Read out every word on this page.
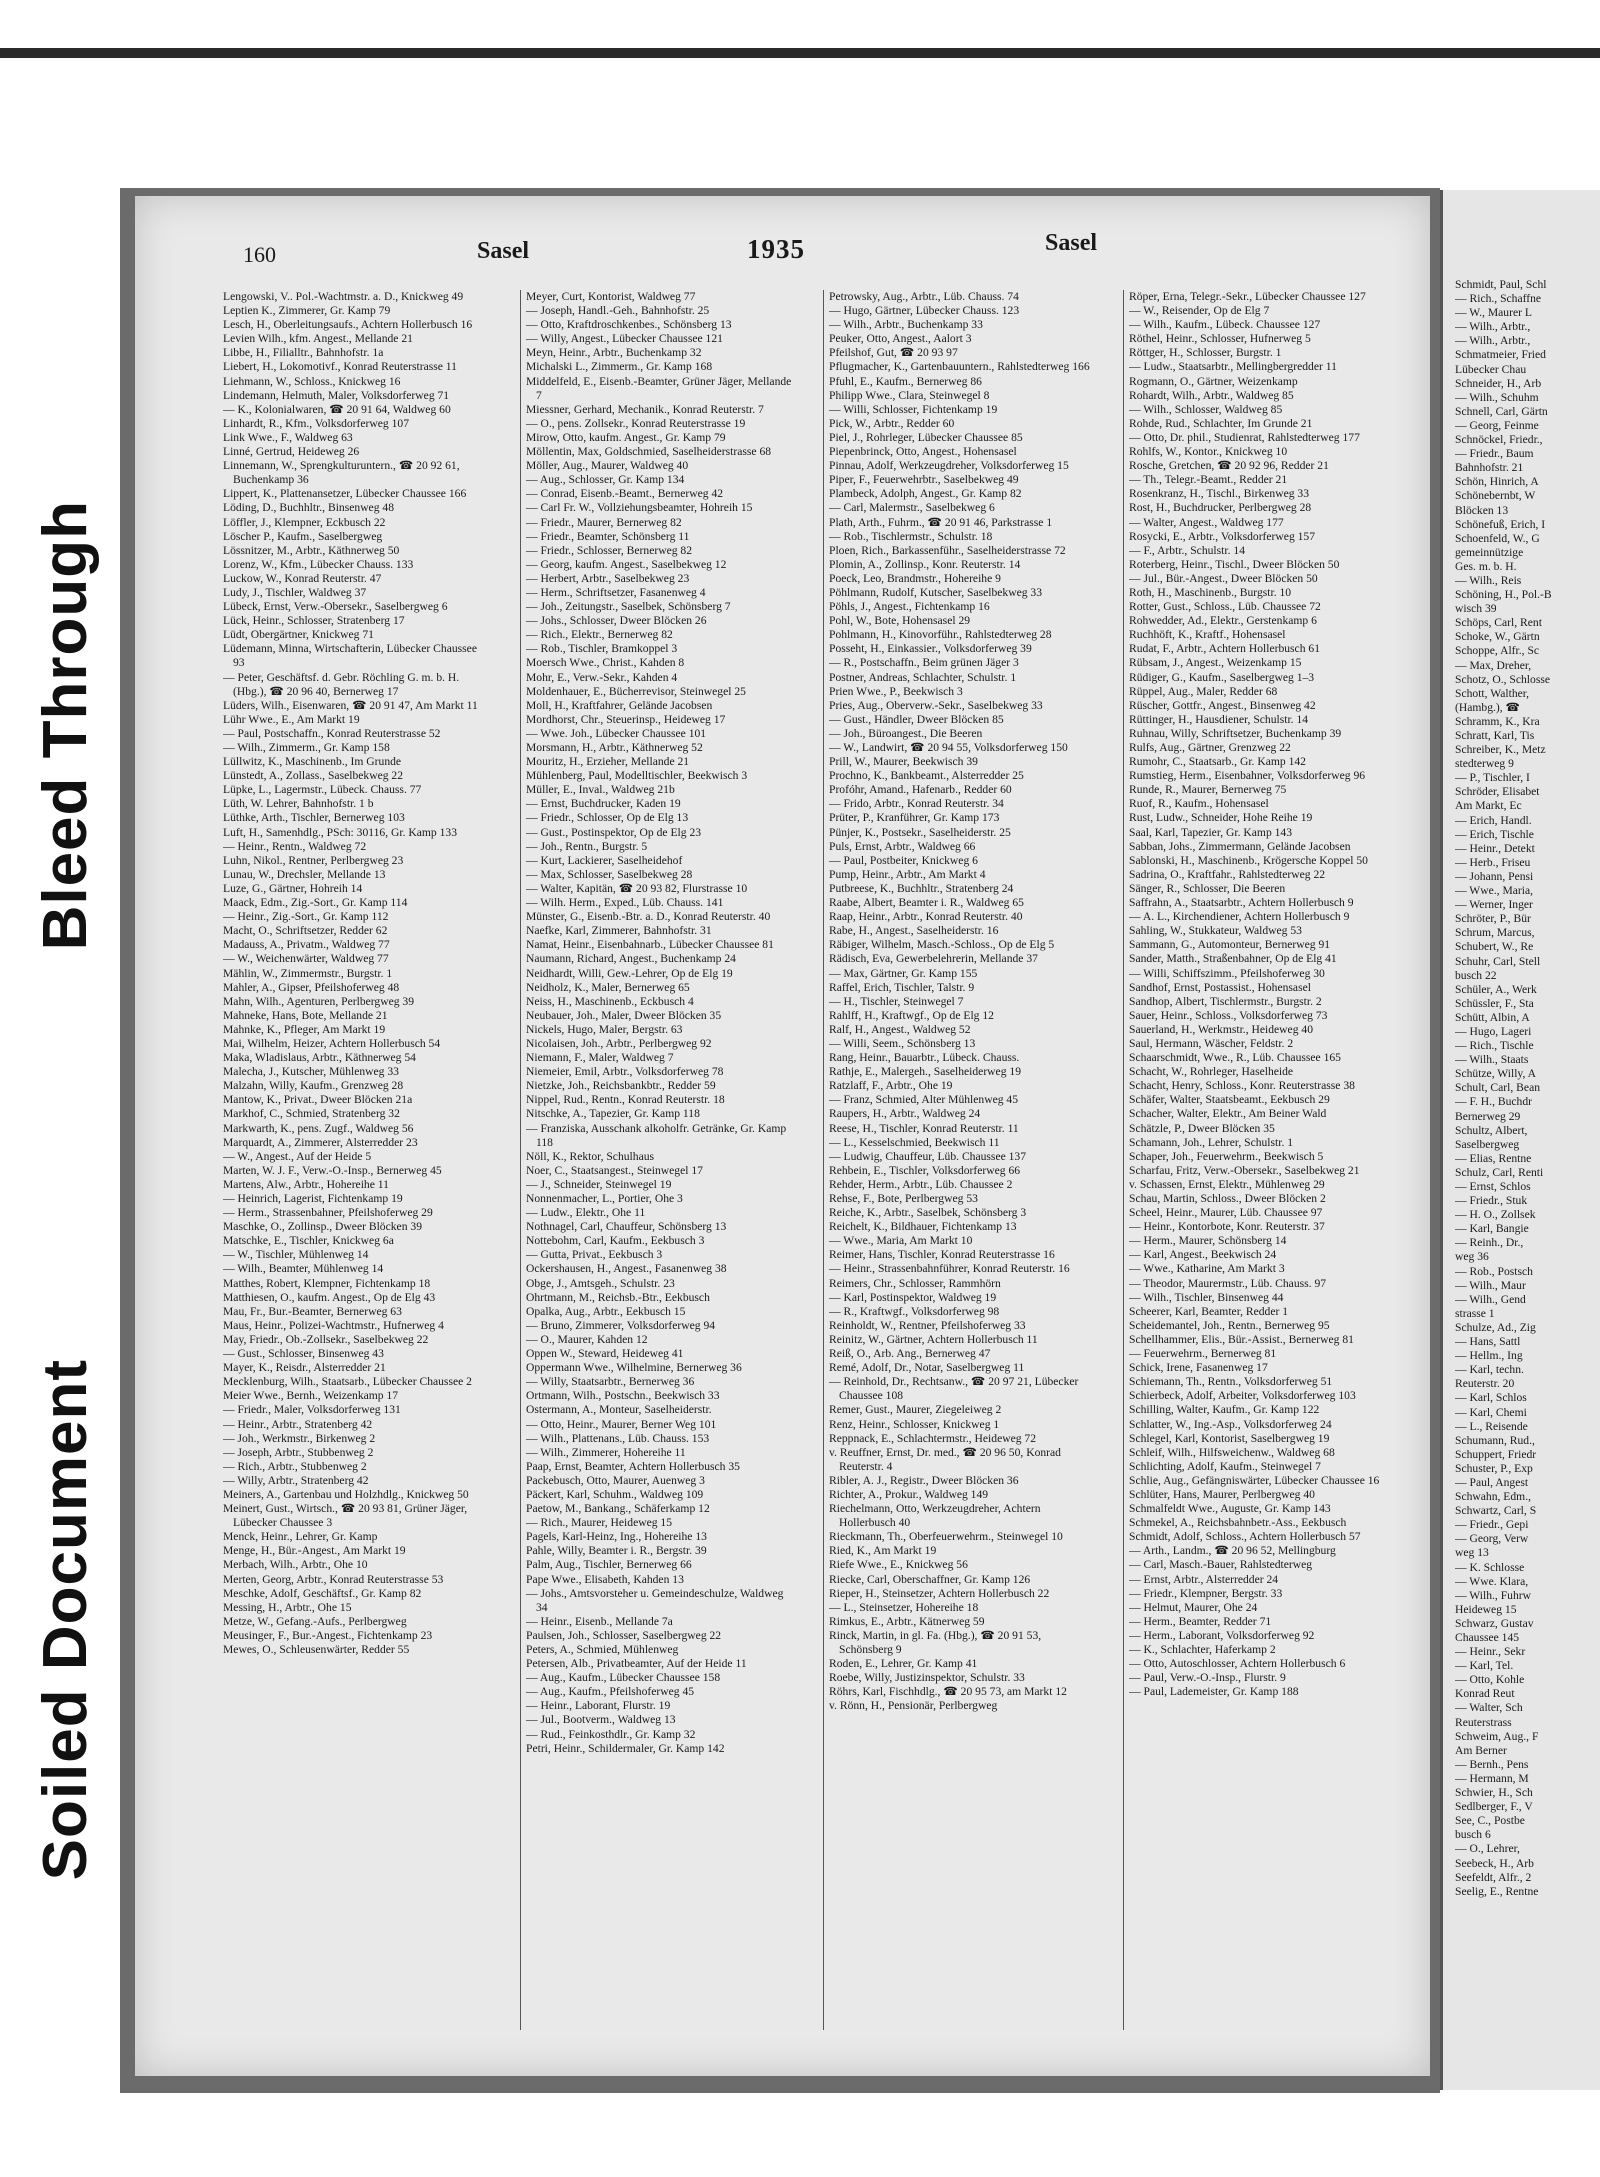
Bleed Through
Soiled Document
160	Sasel	1935	Sasel
Lengowski, V.. Pol.-Wachtmstr. a. D., Knickweg 49
Leptien K., Zimmerer, Gr. Kamp 79
Lesch, H., Oberleitungsaufs., Achtern Hollerbusch 16
Levien Wilh., kfm. Angest., Mellande 21
Libbe, H., Filialltr., Bahnhofstr. 1a
Liebert, H., Lokomotivf., Konrad Reuterstrasse 11
Liehmann, W., Schloss., Knickweg 16
Lindemann, Helmuth, Maler, Volksdorferweg 71
— K., Kolonialwaren, ☎ 20 91 64, Waldweg 60
Linhardt, R., Kfm., Volksdorferweg 107
Link Wwe., F., Waldweg 63
Linné, Gertrud, Heideweg 26
Linnemann, W., Sprengkulturuntern., ☎ 20 92 61, Buchenkamp 36
Lippert, K., Plattenansetzer, Lübecker Chaussee 166
Löding, D., Buchhltr., Binsenweg 48
Löffler, J., Klempner, Eckbusch 22
Löscher P., Kaufm., Saselbergweg
Lössnitzer, M., Arbtr., Käthnerweg 50
Lorenz, W., Kfm., Lübecker Chauss. 133
Luckow, W., Konrad Reuterstr. 47
Ludy, J., Tischler, Waldweg 37
Lübeck, Ernst, Verw.-Obersekr., Saselbergweg 6
Lück, Heinr., Schlosser, Stratenberg 17
Lüdt, Obergärtner, Knickweg 71
Lüdemann, Minna, Wirtschafterin, Lübecker Chaussee 93
— Peter, Geschäftsf. d. Gebr. Röchling G. m. b. H. (Hbg.), ☎ 20 96 40, Bernerweg 17
Lüders, Wilh., Eisenwaren, ☎ 20 91 47, Am Markt 11
Lühr Wwe., E., Am Markt 19
— Paul, Postschaffn., Konrad Reuterstrasse 52
— Wilh., Zimmerm., Gr. Kamp 158
Lüllwitz, K., Maschinenb., Im Grunde
Lünstedt, A., Zollass., Saselbekweg 22
Lüpke, L., Lagermstr., Lübeck. Chauss. 77
Lüth, W. Lehrer, Bahnhofstr. 1 b
Lüthke, Arth., Tischler, Bernerweg 103
Luft, H., Samenhdlg., PSch: 30116, Gr. Kamp 133
— Heinr., Rentn., Waldweg 72
Luhn, Nikol., Rentner, Perlbergweg 23
Lunau, W., Drechsler, Mellande 13
Luze, G., Gärtner, Hohreih 14
Maack, Edm., Zig.-Sort., Gr. Kamp 114
— Heinr., Zig.-Sort., Gr. Kamp 112
Macht, O., Schriftsetzer, Redder 62
Madauss, A., Privatm., Waldweg 77
— W., Weichenwärter, Waldweg 77
Mählin, W., Zimmermstr., Burgstr. 1
Mahler, A., Gipser, Pfeilshoferweg 48
Mahn, Wilh., Agenturen, Perlbergweg 39
Mahneke, Hans, Bote, Mellande 21
Mahnke, K., Pfleger, Am Markt 19
Mai, Wilhelm, Heizer, Achtern Hollerbusch 54
Maka, Wladislaus, Arbtr., Käthnerweg 54
Malecha, J., Kutscher, Mühlenweg 33
Malzahn, Willy, Kaufm., Grenzweg 28
Mantow, K., Privat., Dweer Blöcken 21a
Markhof, C., Schmied, Stratenberg 32
Markwarth, K., pens. Zugf., Waldweg 56
Marquardt, A., Zimmerer, Alsterredder 23
— W., Angest., Auf der Heide 5
Marten, W. J. F., Verw.-O.-Insp., Bernerweg 45
Martens, Alw., Arbtr., Hohereihe 11
— Heinrich, Lagerist, Fichtenkamp 19
— Herm., Strassenbahner, Pfeilshoferweg 29
Maschke, O., Zollinsp., Dweer Blöcken 39
Matschke, E., Tischler, Knickweg 6a
— W., Tischler, Mühlenweg 14
— Wilh., Beamter, Mühlenweg 14
Matthes, Robert, Klempner, Fichtenkamp 18
Matthiesen, O., kaufm. Angest., Op de Elg 43
Mau, Fr., Bur.-Beamter, Bernerweg 63
Maus, Heinr., Polizei-Wachtmstr., Hufnerweg 4
May, Friedr., Ob.-Zollsekr., Saselbekweg 22
— Gust., Schlosser, Binsenweg 43
Mayer, K., Reisdr., Alsterredder 21
Mecklenburg, Wilh., Staatsarb., Lübecker Chaussee 2
Meier Wwe., Bernh., Weizenkamp 17
— Friedr., Maler, Volksdorferweg 131
— Heinr., Arbtr., Stratenberg 42
— Joh., Werkmstr., Birkenweg 2
— Joseph, Arbtr., Stubbenweg 2
— Rich., Arbtr., Stubbenweg 2
— Willy, Arbtr., Stratenberg 42
Meiners, A., Gartenbau und Holzhdlg., Knickweg 50
Meinert, Gust., Wirtsch., ☎ 20 93 81, Grüner Jäger, Lübecker Chaussee 3
Menck, Heinr., Lehrer, Gr. Kamp
Menge, H., Bür.-Angest., Am Markt 19
Merbach, Wilh., Arbtr., Ohe 10
Merten, Georg, Arbtr., Konrad Reuterstrasse 53
Meschke, Adolf, Geschäftsf., Gr. Kamp 82
Messing, H., Arbtr., Ohe 15
Metze, W., Gefang.-Aufs., Perlbergweg
Meusinger, F., Bur.-Angest., Fichtenkamp 23
Mewes, O., Schleusenwärter, Redder 55
Meyer, Curt, Kontorist, Waldweg 77
— Joseph, Handl.-Geh., Bahnhofstr. 25
— Otto, Kraftdroschkenbes., Schönsberg 13
— Willy, Angest., Lübecker Chaussee 121
Meyn, Heinr., Arbtr., Buchenkamp 32
Michalski L., Zimmerm., Gr. Kamp 168
Middelfeld, E., Eisenb.-Beamter, Grüner Jäger, Mellande 7
Miessner, Gerhard, Mechanik., Konrad Reuterstr. 7
— O., pens. Zollsekr., Konrad Reuterstrasse 19
Mirow, Otto, kaufm. Angest., Gr. Kamp 79
Möllentin, Max, Goldschmied, Saselheiderstrasse 68
Möller, Aug., Maurer, Waldweg 40
— Aug., Schlosser, Gr. Kamp 134
— Conrad, Eisenb.-Beamt., Bernerweg 42
— Carl Fr. W., Vollziehungsbeamter, Hohreih 15
— Friedr., Maurer, Bernerweg 82
— Friedr., Beamter, Schönsberg 11
— Friedr., Schlosser, Bernerweg 82
— Georg, kaufm. Angest., Saselbekweg 12
— Herbert, Arbtr., Saselbekweg 23
— Herm., Schriftsetzer, Fasanenweg 4
— Joh., Zeitungstr., Saselbek, Schönsberg 7
— Johs., Schlosser, Dweer Blöcken 26
— Rich., Elektr., Bernerweg 82
— Rob., Tischler, Bramkoppel 3
Moersch Wwe., Christ., Kahden 8
Mohr, E., Verw.-Sekr., Kahden 4
Moldenhauer, E., Bücherrevisor, Steinwegel 25
Moll, H., Kraftfahrer, Gelände Jacobsen
Mordhorst, Chr., Steuerinsp., Heideweg 17
— Wwe. Joh., Lübecker Chaussee 101
Morsmann, H., Arbtr., Käthnerweg 52
Mouritz, H., Erzieher, Mellande 21
Mühlenberg, Paul, Modelltischler, Beekwisch 3
Müller, E., Inval., Waldweg 21b
— Ernst, Buchdrucker, Kaden 19
— Friedr., Schlosser, Op de Elg 13
— Gust., Postinspektor, Op de Elg 23
— Joh., Rentn., Burgstr. 5
— Kurt, Lackierer, Saselheidehof
— Max, Schlosser, Saselbekweg 28
— Walter, Kapitän, ☎ 20 93 82, Flurstrasse 10
— Wilh. Herm., Exped., Lüb. Chauss. 141
Münster, G., Eisenb.-Btr. a. D., Konrad Reuterstr. 40
Naefke, Karl, Zimmerer, Bahnhofstr. 31
Namat, Heinr., Eisenbahnarb., Lübecker Chaussee 81
Naumann, Richard, Angest., Buchenkamp 24
Neidhardt, Willi, Gew.-Lehrer, Op de Elg 19
Neidholz, K., Maler, Bernerweg 65
Neiss, H., Maschinenb., Eckbusch 4
Neubauer, Joh., Maler, Dweer Blöcken 35
Nickels, Hugo, Maler, Bergstr. 63
Nicolaisen, Joh., Arbtr., Perlbergweg 92
Niemann, F., Maler, Waldweg 7
Niemeier, Emil, Arbtr., Volksdorferweg 78
Nietzke, Joh., Reichsbankbtr., Redder 59
Nippel, Rud., Rentn., Konrad Reuterstr. 18
Nitschke, A., Tapezier, Gr. Kamp 118
— Franziska, Ausschank alkoholfr. Getränke, Gr. Kamp 118
Nöll, K., Rektor, Schulhaus
Noer, C., Staatsangest., Steinwegel 17
— J., Schneider, Steinwegel 19
Nonnenmacher, L., Portier, Ohe 3
— Ludw., Elektr., Ohe 11
Nothnagel, Carl, Chauffeur, Schönsberg 13
Nottebohm, Carl, Kaufm., Eekbusch 3
— Gutta, Privat., Eekbusch 3
Ockershausen, H., Angest., Fasanenweg 38
Obge, J., Amtsgeh., Schulstr. 23
Ohrtmann, M., Reichsb.-Btr., Eekbusch
Opalka, Aug., Arbtr., Eekbusch 15
— Bruno, Zimmerer, Volksdorferweg 94
— O., Maurer, Kahden 12
Oppen W., Steward, Heideweg 41
Oppermann Wwe., Wilhelmine, Bernerweg 36
— Willy, Staatsarbtr., Bernerweg 36
Ortmann, Wilh., Postschn., Beekwisch 33
Ostermann, A., Monteur, Saselheiderstr.
— Otto, Heinr., Maurer, Berner Weg 101
— Wilh., Plattenans., Lüb. Chauss. 153
— Wilh., Zimmerer, Hohereihe 11
Paap, Ernst, Beamter, Achtern Hollerbusch 35
Packebusch, Otto, Maurer, Auenweg 3
Päckert, Karl, Schuhm., Waldweg 109
Paetow, M., Bankang., Schäferkamp 12
— Rich., Maurer, Heideweg 15
Pagels, Karl-Heinz, Ing., Hohereihe 13
Pahle, Willy, Beamter i. R., Bergstr. 39
Palm, Aug., Tischler, Bernerweg 66
Pape Wwe., Elisabeth, Kahden 13
— Johs., Amtsvorsteher u. Gemeindeschulze, Waldweg 34
— Heinr., Eisenb., Mellande 7a
Paulsen, Joh., Schlosser, Saselbergweg 22
Peters, A., Schmied, Mühlenweg
Petersen, Alb., Privatbeamter, Auf der Heide 11
— Aug., Kaufm., Lübecker Chaussee 158
— Aug., Kaufm., Pfeilshoferweg 45
— Heinr., Laborant, Flurstr. 19
— Jul., Bootverm., Waldweg 13
— Rud., Feinkosthdlr., Gr. Kamp 32
Petri, Heinr., Schildermaler, Gr. Kamp 142
Petrowsky, Aug., Arbtr., Lüb. Chauss. 74
— Hugo, Gärtner, Lübecker Chauss. 123
— Wilh., Arbtr., Buchenkamp 33
Peuker, Otto, Angest., Aalort 3
Pfeilshof, Gut, ☎ 20 93 97
Pflugmacher, K., Gartenbauuntern., Rahlstedterweg 166
Pfuhl, E., Kaufm., Bernerweg 86
Philipp Wwe., Clara, Steinwegel 8
— Willi, Schlosser, Fichtenkamp 19
Pick, W., Arbtr., Redder 60
Piel, J., Rohrleger, Lübecker Chaussee 85
Piepenbrinck, Otto, Angest., Hohensasel
Pinnau, Adolf, Werkzeugdreher, Volksdorferweg 15
Piper, F., Feuerwehrbtr., Saselbekweg 49
Plambeck, Adolph, Angest., Gr. Kamp 82
— Carl, Malermstr., Saselbekweg 6
Plath, Arth., Fuhrm., ☎ 20 91 46, Parkstrasse 1
— Rob., Tischlermstr., Schulstr. 18
Ploen, Rich., Barkassenführ., Saselheiderstrasse 72
Plomin, A., Zollinsp., Konr. Reuterstr. 14
Poeck, Leo, Brandmstr., Hohereihe 9
Pöhlmann, Rudolf, Kutscher, Saselbekweg 33
Pöhls, J., Angest., Fichtenkamp 16
Pohl, W., Bote, Hohensasel 29
Pohlmann, H., Kinovorführ., Rahlstedterweg 28
Posseht, H., Einkassier., Volksdorferweg 39
— R., Postschaffn., Beim grünen Jäger 3
Postner, Andreas, Schlachter, Schulstr. 1
Prien Wwe., P., Beekwisch 3
Pries, Aug., Oberverw.-Sekr., Saselbekweg 33
— Gust., Händler, Dweer Blöcken 85
— Joh., Büroangest., Die Beeren
— W., Landwirt, ☎ 20 94 55, Volksdorferweg 150
Prill, W., Maurer, Beekwisch 39
Prochno, K., Bankbeamt., Alsterredder 25
Profóhr, Amand., Hafenarb., Redder 60
— Frido, Arbtr., Konrad Reuterstr. 34
Prüter, P., Kranführer, Gr. Kamp 173
Pünjer, K., Postsekr., Saselheiderstr. 25
Puls, Ernst, Arbtr., Waldweg 66
— Paul, Postbeiter, Knickweg 6
Pump, Heinr., Arbtr., Am Markt 4
Putbreese, K., Buchhltr., Stratenberg 24
Raabe, Albert, Beamter i. R., Waldweg 65
Raap, Heinr., Arbtr., Konrad Reuterstr. 40
Rabe, H., Angest., Saselheiderstr. 16
Räbiger, Wilhelm, Masch.-Schloss., Op de Elg 5
Rädisch, Eva, Gewerbelehrerin, Mellande 37
— Max, Gärtner, Gr. Kamp 155
Raffel, Erich, Tischler, Talstr. 9
— H., Tischler, Steinwegel 7
Rahlff, H., Kraftwgf., Op de Elg 12
Ralf, H., Angest., Waldweg 52
— Willi, Seem., Schönsberg 13
Rang, Heinr., Bauarbtr., Lübeck. Chauss.
Rathje, E., Malergeh., Saselheiderweg 19
Ratzlaff, F., Arbtr., Ohe 19
— Franz, Schmied, Alter Mühlenweg 45
Raupers, H., Arbtr., Waldweg 24
Reese, H., Tischler, Konrad Reuterstr. 11
— L., Kesselschmied, Beekwisch 11
— Ludwig, Chauffeur, Lüb. Chaussee 137
Rehbein, E., Tischler, Volksdorferweg 66
Rehder, Herm., Arbtr., Lüb. Chaussee 2
Rehse, F., Bote, Perlbergweg 53
Reiche, K., Arbtr., Saselbek, Schönsberg 3
Reichelt, K., Bildhauer, Fichtenkamp 13
— Wwe., Maria, Am Markt 10
Reimer, Hans, Tischler, Konrad Reuterstrasse 16
— Heinr., Strassenbahnführer, Konrad Reuterstr. 16
Reimers, Chr., Schlosser, Rammhörn
— Karl, Postinspektor, Waldweg 19
— R., Kraftwgf., Volksdorferweg 98
Reinholdt, W., Rentner, Pfeilshoferweg 33
Reinitz, W., Gärtner, Achtern Hollerbusch 11
Reiß, O., Arb. Ang., Bernerweg 47
Remé, Adolf, Dr., Notar, Saselbergweg 11
— Reinhold, Dr., Rechtsanw., ☎ 20 97 21, Lübecker Chaussee 108
Remer, Gust., Maurer, Ziegeleiweg 2
Renz, Heinr., Schlosser, Knickweg 1
Reppnack, E., Schlachtermstr., Heideweg 72
v. Reuffner, Ernst, Dr. med., ☎ 20 96 50, Konrad Reuterstr. 4
Ribler, A. J., Registr., Dweer Blöcken 36
Richter, A., Prokur., Waldweg 149
Riechelmann, Otto, Werkzeugdreher, Achtern Hollerbusch 40
Rieckmann, Th., Oberfeuerwehrm., Steinwegel 10
Ried, K., Am Markt 19
Riefe Wwe., E., Knickweg 56
Riecke, Carl, Oberschaffner, Gr. Kamp 126
Rieper, H., Steinsetzer, Achtern Hollerbusch 22
— L., Steinsetzer, Hohereihe 18
Rimkus, E., Arbtr., Kätnerweg 59
Rinck, Martin, in gl. Fa. (Hbg.), ☎ 20 91 53, Schönsberg 9
Roden, E., Lehrer, Gr. Kamp 41
Roebe, Willy, Justizinspektor, Schulstr. 33
Röhrs, Karl, Fischhdlg., ☎ 20 95 73, am Markt 12
v. Rönn, H., Pensionär, Perlbergweg
Röper, Erna, Telegr.-Sekr., Lübecker Chaussee 127
— W., Reisender, Op de Elg 7
— Wilh., Kaufm., Lübeck. Chaussee 127
Röthel, Heinr., Schlosser, Hufnerweg 5
Röttger, H., Schlosser, Burgstr. 1
— Ludw., Staatsarbtr., Mellingbergredder 11
Rogmann, O., Gärtner, Weizenkamp
Rohardt, Wilh., Arbtr., Waldweg 85
— Wilh., Schlosser, Waldweg 85
Rohde, Rud., Schlachter, Im Grunde 21
— Otto, Dr. phil., Studienrat, Rahlstedterweg 177
Rohlfs, W., Kontor., Knickweg 10
Rosche, Gretchen, ☎ 20 92 96, Redder 21
— Th., Telegr.-Beamt., Redder 21
Rosenkranz, H., Tischl., Birkenweg 33
Rost, H., Buchdrucker, Perlbergweg 28
— Walter, Angest., Waldweg 177
Rosycki, E., Arbtr., Volksdorferweg 157
— F., Arbtr., Schulstr. 14
Roterberg, Heinr., Tischl., Dweer Blöcken 50
— Jul., Bür.-Angest., Dweer Blöcken 50
Roth, H., Maschinenb., Burgstr. 10
Rotter, Gust., Schloss., Lüb. Chaussee 72
Rohwedder, Ad., Elektr., Gerstenkamp 6
Ruchhöft, K., Kraftf., Hohensasel
Rudat, F., Arbtr., Achtern Hollerbusch 61
Rübsam, J., Angest., Weizenkamp 15
Rüdiger, G., Kaufm., Saselbergweg 1–3
Rüppel, Aug., Maler, Redder 68
Rüscher, Gottfr., Angest., Binsenweg 42
Rüttinger, H., Hausdiener, Schulstr. 14
Ruhnau, Willy, Schriftsetzer, Buchenkamp 39
Rulfs, Aug., Gärtner, Grenzweg 22
Rumohr, C., Staatsarb., Gr. Kamp 142
Rumstieg, Herm., Eisenbahner, Volksdorferweg 96
Runde, R., Maurer, Bernerweg 75
Ruof, R., Kaufm., Hohensasel
Rust, Ludw., Schneider, Hohe Reihe 19
Saal, Karl, Tapezier, Gr. Kamp 143
Sabban, Johs., Zimmermann, Gelände Jacobsen
Sablonski, H., Maschinenb., Krögersche Koppel 50
Sadrina, O., Kraftfahr., Rahlstedterweg 22
Sänger, R., Schlosser, Die Beeren
Saffrahn, A., Staatsarbtr., Achtern Hollerbusch 9
— A. L., Kirchendiener, Achtern Hollerbusch 9
Sahling, W., Stukkateur, Waldweg 53
Sammann, G., Automonteur, Bernerweg 91
Sander, Matth., Straßenbahner, Op de Elg 41
— Willi, Schiffszimm., Pfeilshoferweg 30
Sandhof, Ernst, Postassist., Hohensasel
Sandhop, Albert, Tischlermstr., Burgstr. 2
Sauer, Heinr., Schloss., Volksdorferweg 73
Sauerland, H., Werkmstr., Heideweg 40
Saul, Hermann, Wäscher, Feldstr. 2
Schaarschmidt, Wwe., R., Lüb. Chaussee 165
Schacht, W., Rohrleger, Haselheide
Schacht, Henry, Schloss., Konr. Reuterstrasse 38
Schäfer, Walter, Staatsbeamt., Eekbusch 29
Schacher, Walter, Elektr., Am Beiner Wald
Schätzle, P., Dweer Blöcken 35
Schamann, Joh., Lehrer, Schulstr. 1
Schaper, Joh., Feuerwehrm., Beekwisch 5
Scharfau, Fritz, Verw.-Obersekr., Saselbekweg 21
v. Schassen, Ernst, Elektr., Mühlenweg 29
Schau, Martin, Schloss., Dweer Blöcken 2
Scheel, Heinr., Maurer, Lüb. Chaussee 97
— Heinr., Kontorbote, Konr. Reuterstr. 37
— Herm., Maurer, Schönsberg 14
— Karl, Angest., Beekwisch 24
— Wwe., Katharine, Am Markt 3
— Theodor, Maurermstr., Lüb. Chauss. 97
— Wilh., Tischler, Binsenweg 44
Scheerer, Karl, Beamter, Redder 1
Scheidemantel, Joh., Rentn., Bernerweg 95
Schellhammer, Elis., Bür.-Assist., Bernerweg 81
— Feuerwehrm., Bernerweg 81
Schick, Irene, Fasanenweg 17
Schiemann, Th., Rentn., Volksdorferweg 51
Schierbeck, Adolf, Arbeiter, Volksdorferweg 103
Schilling, Walter, Kaufm., Gr. Kamp 122
Schlatter, W., Ing.-Asp., Volksdorferweg 24
Schlegel, Karl, Kontorist, Saselbergweg 19
Schleif, Wilh., Hilfsweichenw., Waldweg 68
Schlichting, Adolf, Kaufm., Steinwegel 7
Schlie, Aug., Gefängniswärter, Lübecker Chaussee 16
Schlüter, Hans, Maurer, Perlbergweg 40
Schmalfeldt Wwe., Auguste, Gr. Kamp 143
Schmekel, A., Reichsbahnbetr.-Ass., Eekbusch
Schmidt, Adolf, Schloss., Achtern Hollerbusch 57
— Arth., Landm., ☎ 20 96 52, Mellingburg
— Carl, Masch.-Bauer, Rahlstedterweg
— Ernst, Arbtr., Alsterredder 24
— Friedr., Klempner, Bergstr. 33
— Helmut, Maurer, Ohe 24
— Herm., Beamter, Redder 71
— Herm., Laborant, Volksdorferweg 92
— K., Schlachter, Haferkamp 2
— Otto, Autoschlosser, Achtern Hollerbusch 6
— Paul, Verw.-O.-Insp., Flurstr. 9
— Paul, Lademeister, Gr. Kamp 188
Schmidt, Paul, Schl
— Rich., Schaffne
— W., Maurer L
— Wilh., Arbtr.,
— Wilh., Arbtr.,
Schmatmeier, Fried
Lübecker Chau
Schneider, H., Arb
— Wilh., Schuhm
Schnell, Carl, Gärtn
— Georg, Feinme
Schnöckel, Friedr.,
— Friedr., Baum
Bahnhofstr. 21
Schön, Hinrich, A
Schönebernbt, W
Blöcken 13
Schönefuß, Erich, I
Schoenfeld, W., G
gemeinnützige
Ges. m. b. H.
— Wilh., Reis
Schöning, H., Pol.-B
wisch 39
Schöps, Carl, Rent
Schoke, W., Gärtn
Schoppe, Alfr., Sc
— Max, Dreher,
Schotz, O., Schlosse
Schott, Walther,
(Hambg.), ☎
Schramm, K., Kra
Schratt, Karl, Tis
Schreiber, K., Metz
stedterweg 9
— P., Tischler, I
Schröder, Elisabet
Am Markt, Ec
— Erich, Handl.
— Erich, Tischle
— Heinr., Detekt
— Herb., Friseu
— Johann, Pensi
— Wwe., Maria,
— Werner, Inger
Schröter, P., Bür
Schrum, Marcus,
Schubert, W., Re
Schuhr, Carl, Stell
busch 22
Schüler, A., Werk
Schüssler, F., Sta
Schütt, Albin, A
— Hugo, Lageri
— Rich., Tischle
— Wilh., Staats
Schütze, Willy, A
Schult, Carl, Bean
— F. H., Buchdr
Bernerweg 29
Schultz, Albert,
Saselbergweg
— Elias, Rentne
Schulz, Carl, Renti
— Ernst, Schlos
— Friedr., Stuk
— H. O., Zollsek
— Karl, Bangie
— Reinh., Dr.,
weg 36
— Rob., Postsch
— Wilh., Maur
— Wilh., Gend
strasse 1
Schulze, Ad., Zig
— Hans, Sattl
— Hellm., Ing
— Karl, techn.
Reuterstr. 20
— Karl, Schlos
— Karl, Chemi
— L., Reisende
Schumann, Rud.,
Schuppert, Friedr
Schuster, P., Exp
— Paul, Angest
Schwahn, Edm.,
Schwartz, Carl, S
— Friedr., Gepi
— Georg, Verw
weg 13
— K. Schlosse
— Wwe. Klara,
— Wilh., Fuhrw
Heideweg 15
Schwarz, Gustav
Chaussee 145
— Heinr., Sekr
— Karl, Tel.
— Otto, Kohle
Konrad Reut
— Walter, Sch
Reuterstrass
Schweim, Aug., F
Am Berner
— Bernh., Pens
— Hermann, M
Schwier, H., Sch
Sedlberger, F., V
See, C., Postbe
busch 6
— O., Lehrer,
Seebeck, H., Arb
Seefeldt, Alfr., 2
Seelig, E., Rentne
